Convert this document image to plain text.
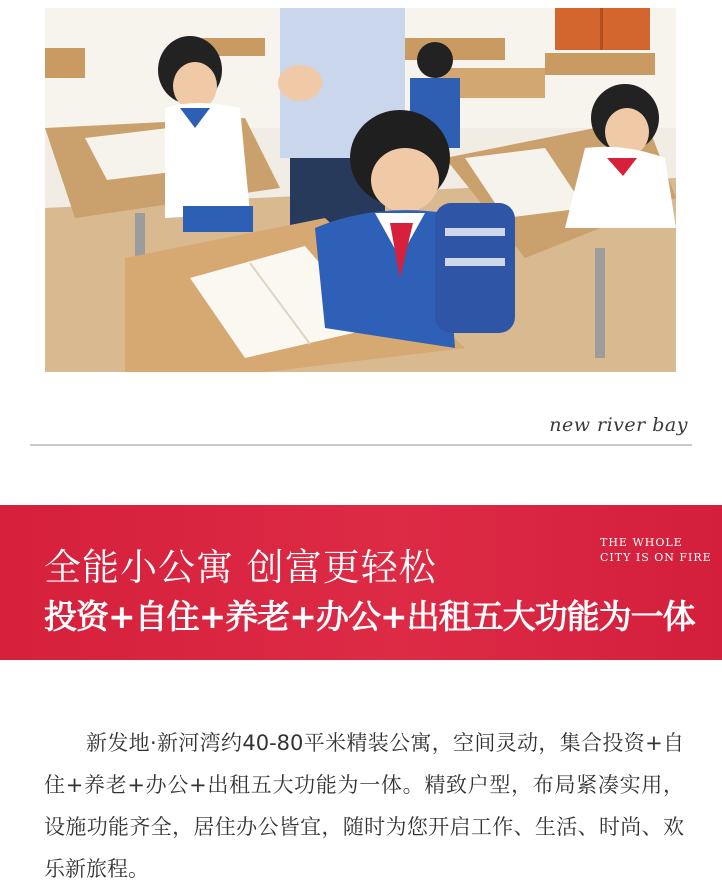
new river bay
全能小公寓 创富更轻松
投资+自住+养老+办公+出租五大功能为一体
THE WHOLE
CITY IS ON FIRE
新发地·新河湾约40-80平米精装公寓，空间灵动，集合投资+自住+养老+办公+出租五大功能为一体。精致户型，布局紧凑实用，设施功能齐全，居住办公皆宜，随时为您开启工作、生活、时尚、欢乐新旅程。
